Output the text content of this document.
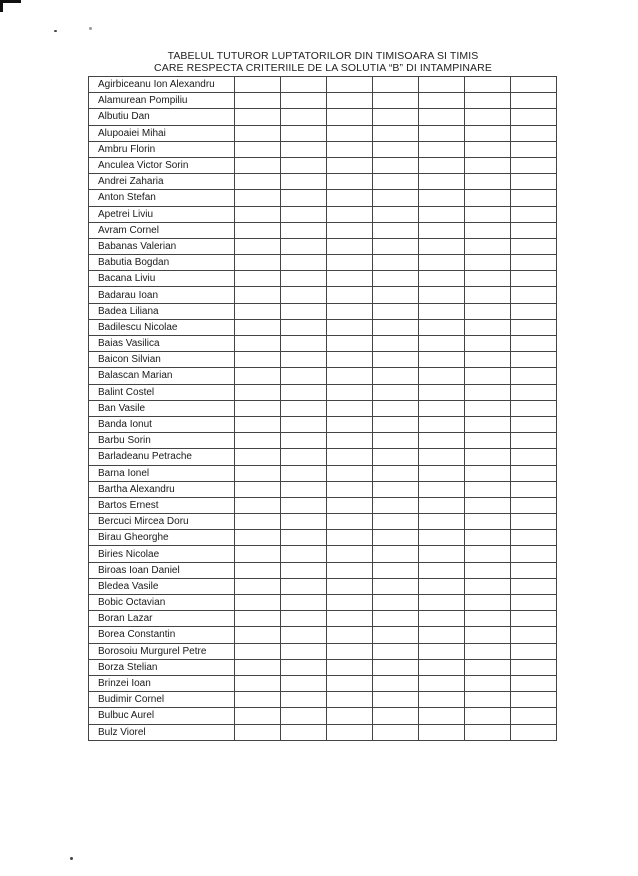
TABELUL TUTUROR LUPTATORILOR DIN TIMISOARA SI TIMIS
CARE RESPECTA CRITERIILE DE LA SOLUTIA “B” DI INTAMPINARE
Agirbiceanu Ion Alexandru							
Alamurean Pompiliu							
Albutiu Dan							
Alupoaiei Mihai							
Ambru Florin							
Anculea Victor Sorin							
Andrei Zaharia							
Anton Stefan							
Apetrei Liviu							
Avram Cornel							
Babanas Valerian							
Babutia Bogdan							
Bacana Liviu							
Badarau Ioan							
Badea Liliana							
Badilescu Nicolae							
Baias Vasilica							
Baicon Silvian							
Balascan Marian							
Balint Costel							
Ban Vasile							
Banda Ionut							
Barbu Sorin							
Barladeanu Petrache							
Barna Ionel							
Bartha Alexandru							
Bartos Ernest							
Bercuci Mircea Doru							
Birau Gheorghe							
Biries Nicolae							
Biroas Ioan Daniel							
Bledea Vasile							
Bobic Octavian							
Boran Lazar							
Borea Constantin							
Borosoiu Murgurel Petre							
Borza Stelian							
Brinzei Ioan							
Budimir Cornel							
Bulbuc Aurel							
Bulz Viorel							
